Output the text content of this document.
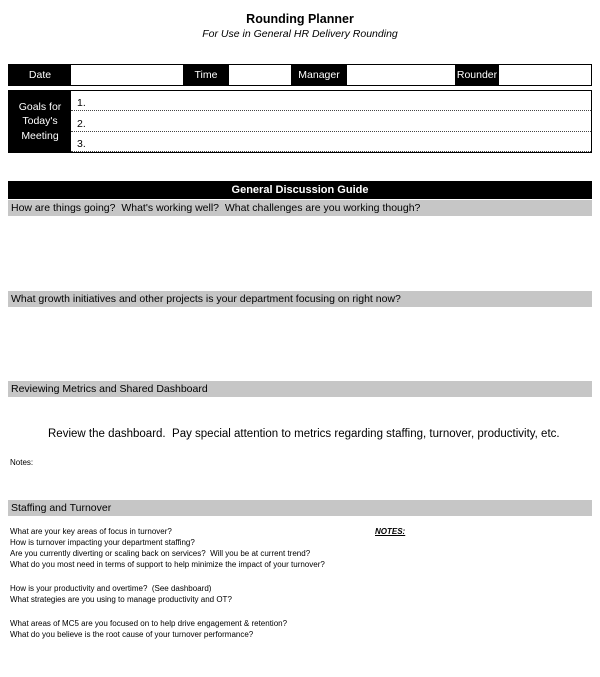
Rounding Planner
For Use in General HR Delivery Rounding
Date	Time	Manager	Rounder
Goals for Today's Meeting
1.
2.
3.
General Discussion Guide
How are things going?  What's working well?  What challenges are you working though?
What growth initiatives and other projects is your department focusing on right now?
Reviewing Metrics and Shared Dashboard
Review the dashboard.  Pay special attention to metrics regarding staffing, turnover, productivity, etc.
Notes:
Staffing and Turnover
What are your key areas of focus in turnover?
How is turnover impacting your department staffing?
Are you currently diverting or scaling back on services?  Will you be at current trend?
What do you most need in terms of support to help minimize the impact of your turnover?
How is your productivity and overtime?  (See dashboard)
What strategies are you using to manage productivity and OT?
What areas of MC5 are you focused on to help drive engagement & retention?
What do you believe is the root cause of your turnover performance?
NOTES:
